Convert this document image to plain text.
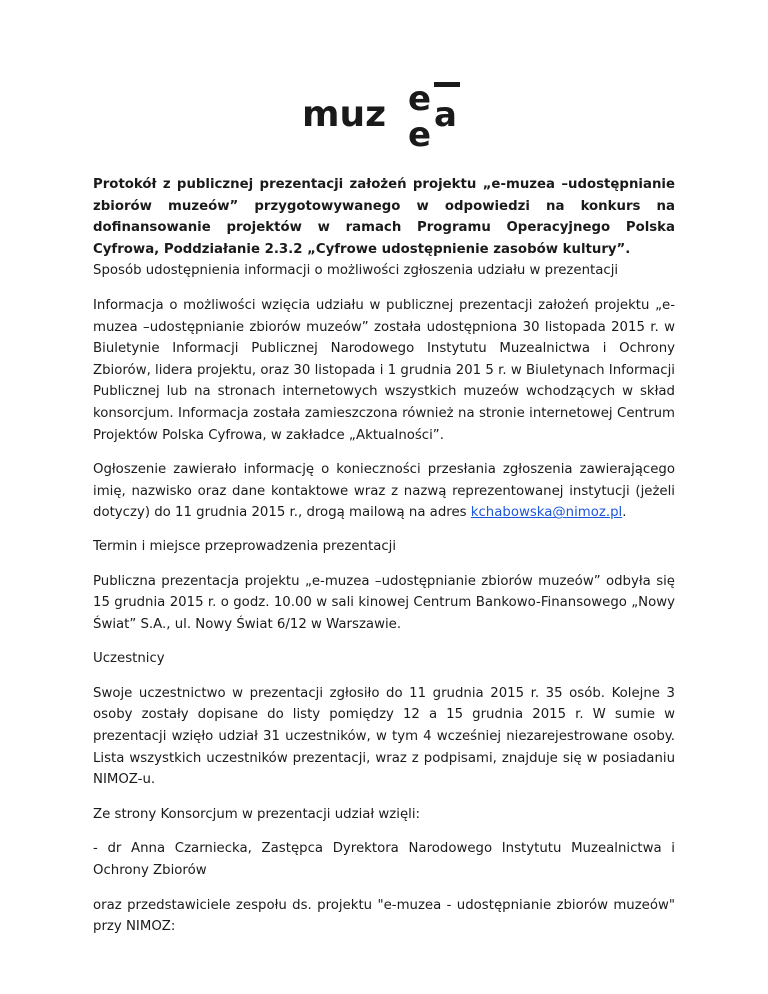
muz e a
e

Protokół z publicznej prezentacji założeń projektu „e-muzea –udostępnianie zbiorów muzeów” przygotowywanego w odpowiedzi na konkurs na dofinansowanie projektów w ramach Programu Operacyjnego Polska Cyfrowa, Poddziałanie 2.3.2 „Cyfrowe udostępnienie zasobów kultury”.

Sposób udostępnienia informacji o możliwości zgłoszenia udziału w prezentacji

Informacja o możliwości wzięcia udziału w publicznej prezentacji założeń projektu „e-muzea –udostępnianie zbiorów muzeów” została udostępniona 30 listopada 2015 r. w Biuletynie Informacji Publicznej Narodowego Instytutu Muzealnictwa i Ochrony Zbiorów, lidera projektu, oraz 30 listopada i 1 grudnia 201 5 r. w Biuletynach Informacji Publicznej lub na stronach internetowych wszystkich muzeów wchodzących w skład konsorcjum. Informacja została zamieszczona również na stronie internetowej Centrum Projektów Polska Cyfrowa, w zakładce „Aktualności”.

Ogłoszenie zawierało informację o konieczności przesłania zgłoszenia zawierającego imię, nazwisko oraz dane kontaktowe wraz z nazwą reprezentowanej instytucji (jeżeli dotyczy) do 11 grudnia 2015 r., drogą mailową na adres kchabowska@nimoz.pl.

Termin i miejsce przeprowadzenia prezentacji

Publiczna prezentacja projektu „e-muzea –udostępnianie zbiorów muzeów” odbyła się 15 grudnia 2015 r. o godz. 10.00 w sali kinowej Centrum Bankowo-Finansowego „Nowy Świat” S.A., ul. Nowy Świat 6/12 w Warszawie.

Uczestnicy

Swoje uczestnictwo w prezentacji zgłosiło do 11 grudnia 2015 r. 35 osób. Kolejne 3 osoby zostały dopisane do listy pomiędzy 12 a 15 grudnia 2015 r. W sumie w prezentacji wzięło udział 31 uczestników, w tym 4 wcześniej niezarejestrowane osoby. Lista wszystkich uczestników prezentacji, wraz z podpisami, znajduje się w posiadaniu NIMOZ-u.

Ze strony Konsorcjum w prezentacji udział wzięli:

- dr Anna Czarniecka, Zastępca Dyrektora Narodowego Instytutu Muzealnictwa i Ochrony Zbiorów

oraz przedstawiciele zespołu ds. projektu "e-muzea - udostępnianie zbiorów muzeów" przy NIMOZ:
